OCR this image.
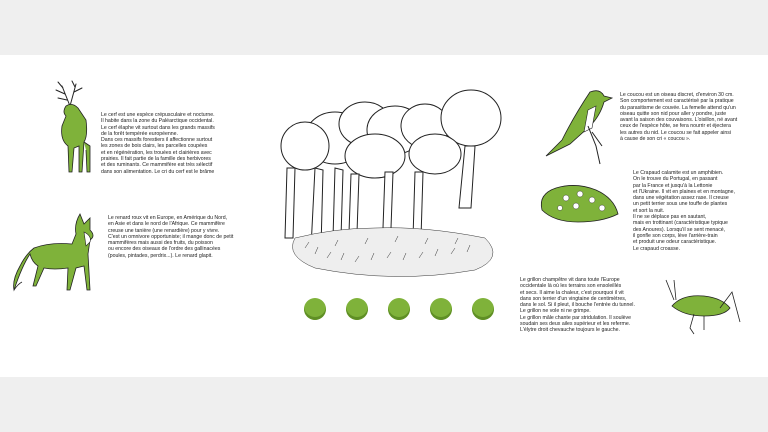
Le cerf est une espèce crépusculaire et nocturne.
Il habite dans la zone du Paléarctique occidental.
Le cerf élaphe vit surtout dans les grands massifs
de la forêt tempérée européenne.
Dans ces massifs forestiers il affectionne surtout
les zones de bois clairs, les parcelles coupées
et en régénération, les trouées et clairières avec
prairies. Il fait partie de la famille des herbivores
et des ruminants. Ce mammifère est très sélectif
dans son alimentation. Le cri du cerf est le brâme
Le renard roux vit en Europe, en Amérique du Nord,
en Asie et dans le nord de l'Afrique. Ce mammifère
creuse une tanière (une renardière) pour y vivre.
C'est un omnivore opportuniste; il mange donc de petit
mammifères mais aussi des fruits, du poisson
ou encore des oiseaux de l'ordre des gallinacées
(poules, pintades, perdrix...). Le renard glapit.
Le coucou est un oiseau discret, d'environ 30 cm.
Son comportement est caractérisé par la pratique
du parasitisme de couvée. La femelle attend qu'un
oiseau quitte son nid pour aller y pondre, juste
avant la saison des couvaisons. L'oisillon, né avant
ceux de l'espèce hôte, se fera nourrir et éjectera
les autres du nid. Le coucou se fait appeler ainsi
à cause de son cri « coucou ».
Le Crapaud calamite est un amphibien.
On le trouve du Portugal, en passant
par la France et jusqu'à la Lettonie
et l'Ukraine. Il vit en plaines et en montagne,
dans une végétation assez rase. Il creuse
un petit terrier sous une touffe de plantes
et sort la nuit.
Il ne se déplace pas en sautant,
mais en trottinant (caractéristique typique
des Anoures). Lorsqu'il se sent menacé,
il gonfle son corps, lève l'arrière-train
et produit une odeur caractéristique.
Le crapaud croasse.
Le grillon champêtre vit dans toute l'Europe
occidentale là où les terrains son ensoleillés
et secs. Il aime la chaleur, c'est pourquoi il vit
dans son terrier d'un vingtaine de centimètres,
dans le sol. Si il pleut, il bouche l'entrée du tunnel.
Le grillon ne vole ni ne grimpe.
Le grillon mâle chante par stridulation. Il soulève
soudain ses deux ailes supérieur et les referme.
L'élytre droit chevauche toujours le gauche.
